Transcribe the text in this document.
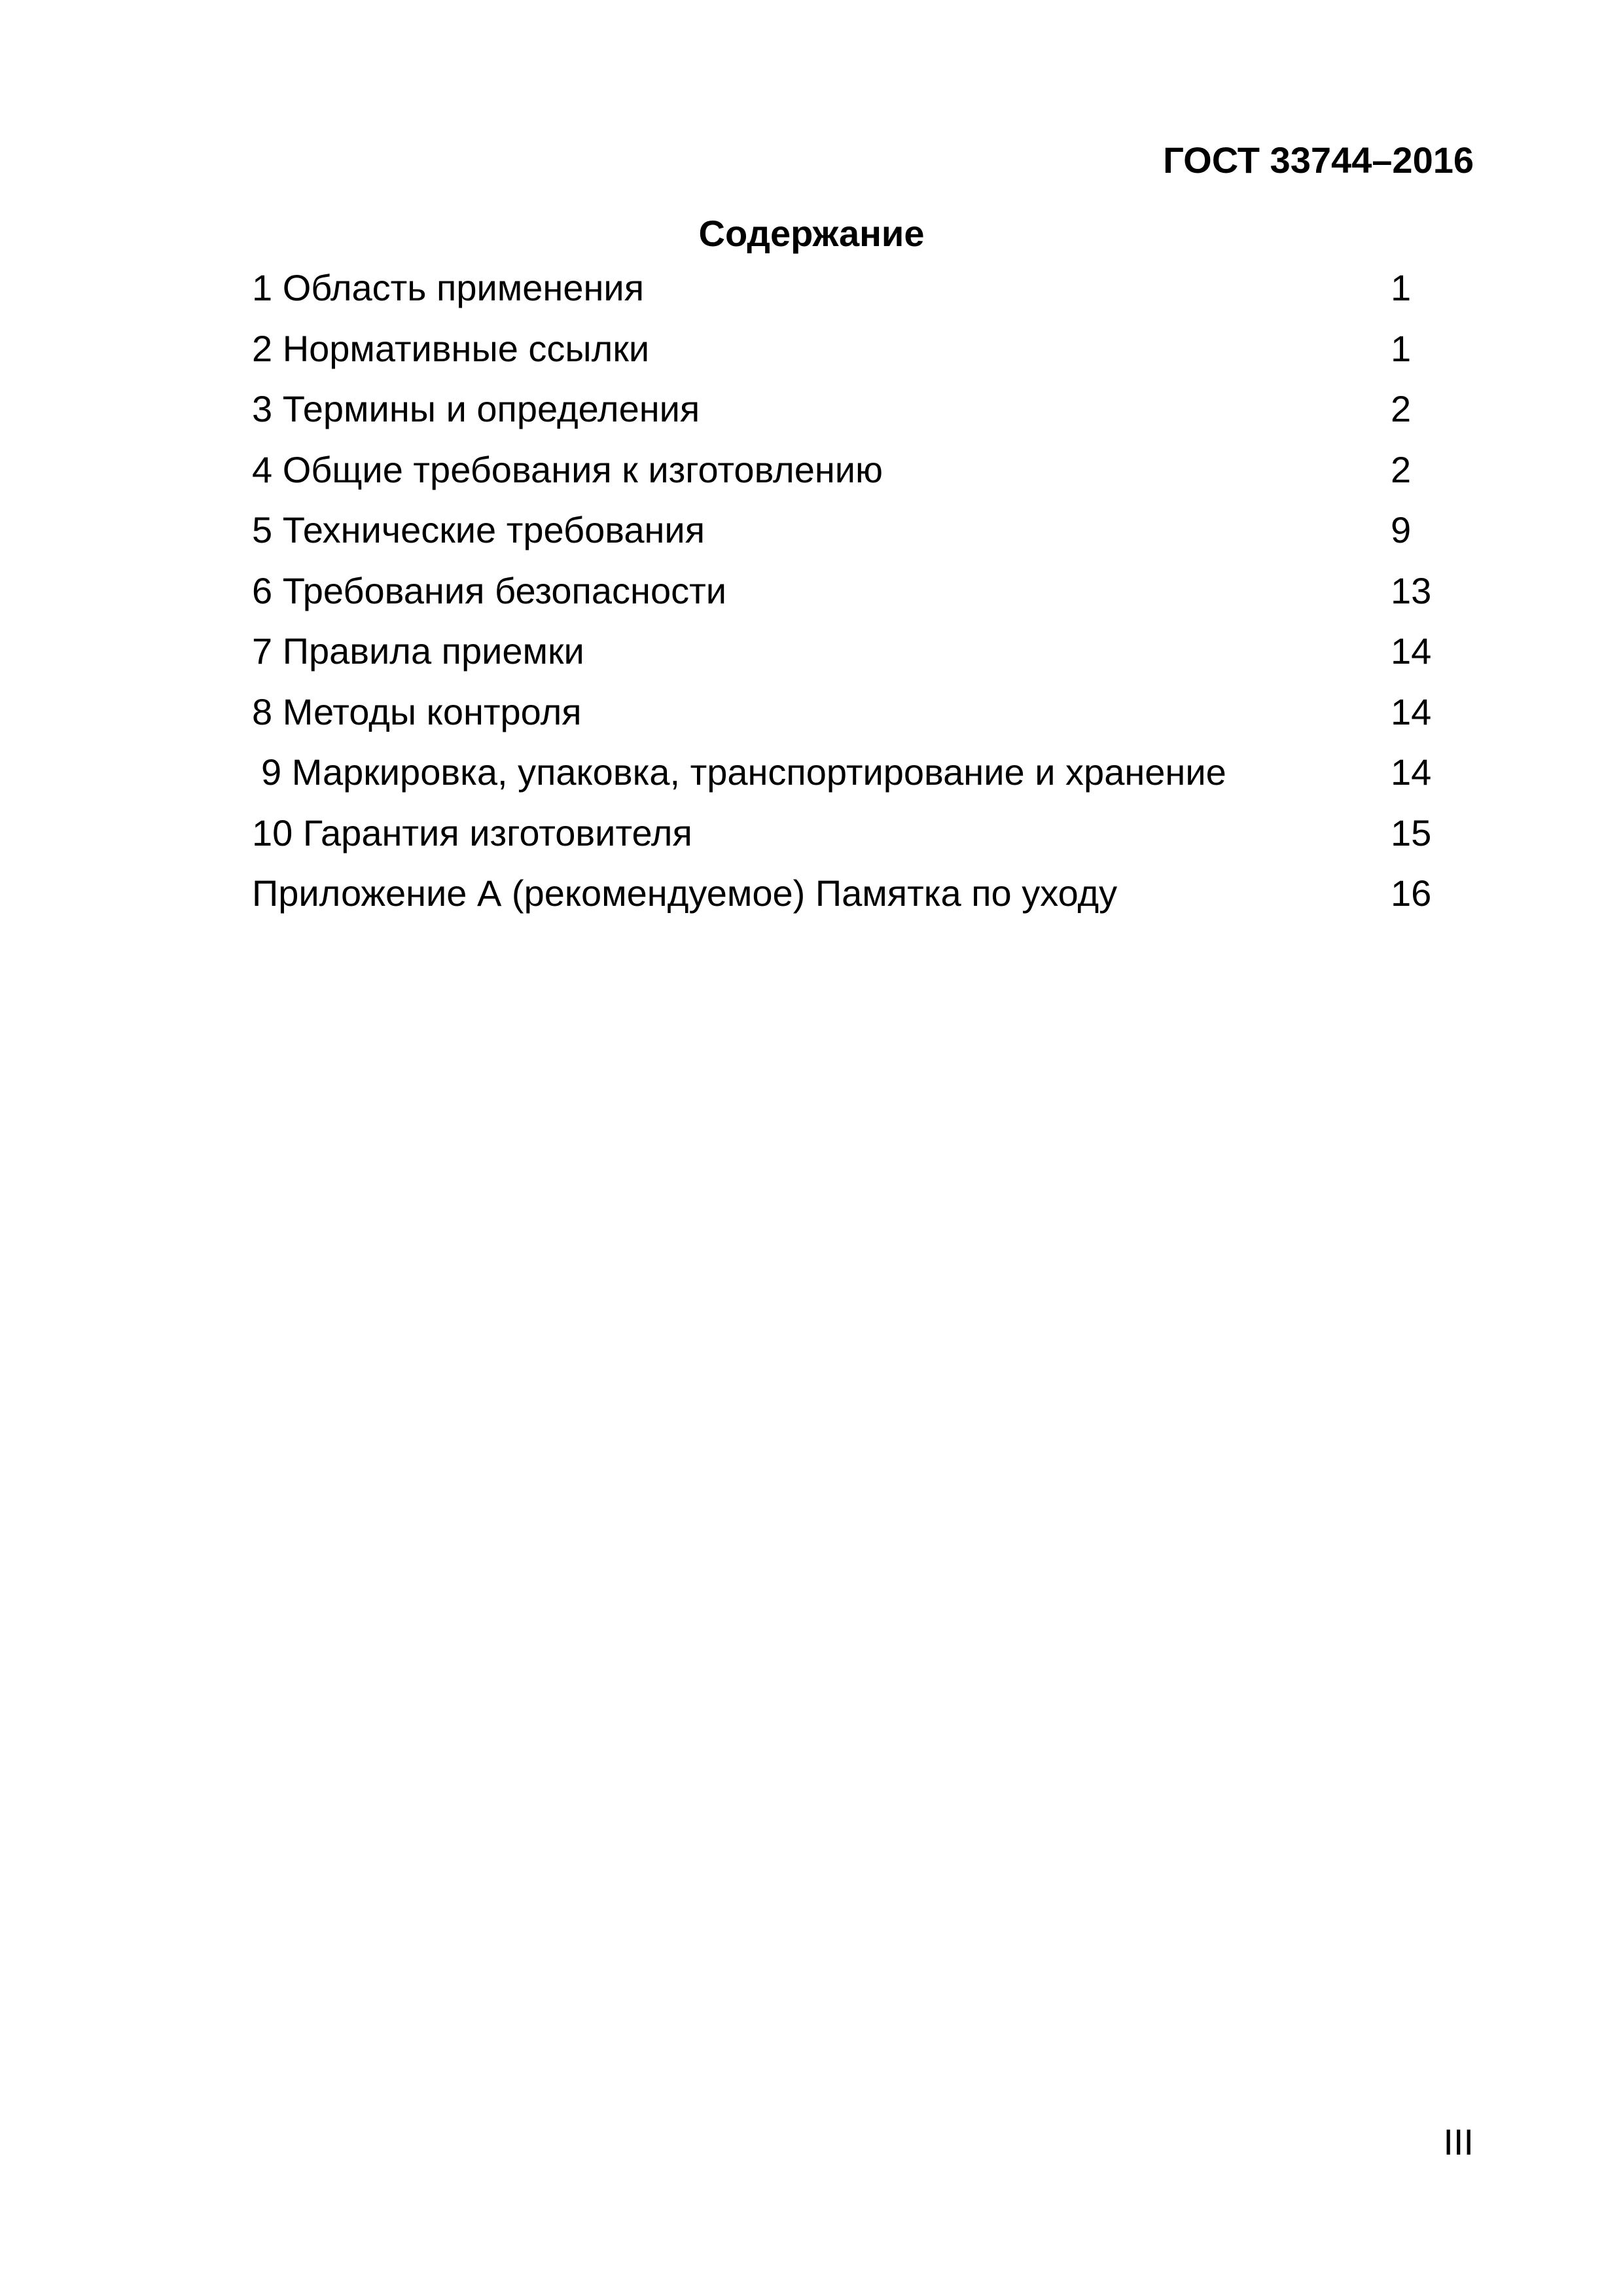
ГОСТ 33744–2016
Содержание
1 Область применения	1
2 Нормативные ссылки	1
3 Термины и определения	2
4 Общие требования к изготовлению	2
5 Технические требования	9
6 Требования безопасности	13
7 Правила приемки	14
8 Методы контроля	14
9 Маркировка, упаковка, транспортирование и хранение	14
10 Гарантия изготовителя	15
Приложение А (рекомендуемое) Памятка по уходу	16
III
